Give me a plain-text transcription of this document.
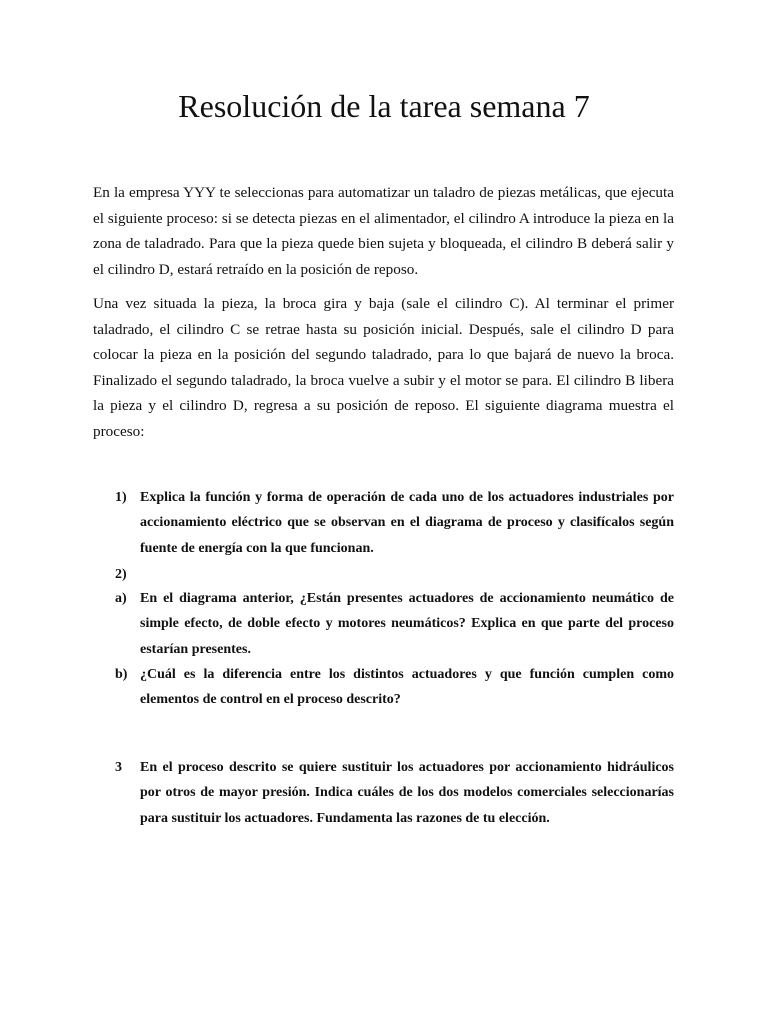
Resolución de la tarea semana 7

En la empresa YYY te seleccionas para automatizar un taladro de piezas metálicas, que ejecuta el siguiente proceso: si se detecta piezas en el alimentador, el cilindro A introduce la pieza en la zona de taladrado. Para que la pieza quede bien sujeta y bloqueada, el cilindro B deberá salir y el cilindro D, estará retraído en la posición de reposo.

Una vez situada la pieza, la broca gira y baja (sale el cilindro C). Al terminar el primer taladrado, el cilindro C se retrae hasta su posición inicial. Después, sale el cilindro D para colocar la pieza en la posición del segundo taladrado, para lo que bajará de nuevo la broca. Finalizado el segundo taladrado, la broca vuelve a subir y el motor se para. El cilindro B libera la pieza y el cilindro D, regresa a su posición de reposo. El siguiente diagrama muestra el proceso:

1) Explica la función y forma de operación de cada uno de los actuadores industriales por accionamiento eléctrico que se observan en el diagrama de proceso y clasifícalos según fuente de energía con la que funcionan.
2)
a) En el diagrama anterior, ¿Están presentes actuadores de accionamiento neumático de simple efecto, de doble efecto y motores neumáticos? Explica en que parte del proceso estarían presentes.
b) ¿Cuál es la diferencia entre los distintos actuadores y que función cumplen como elementos de control en el proceso descrito?
3	En el proceso descrito se quiere sustituir los actuadores por accionamiento hidráulicos por otros de mayor presión. Indica cuáles de los dos modelos comerciales seleccionarías para sustituir los actuadores. Fundamenta las razones de tu elección.
